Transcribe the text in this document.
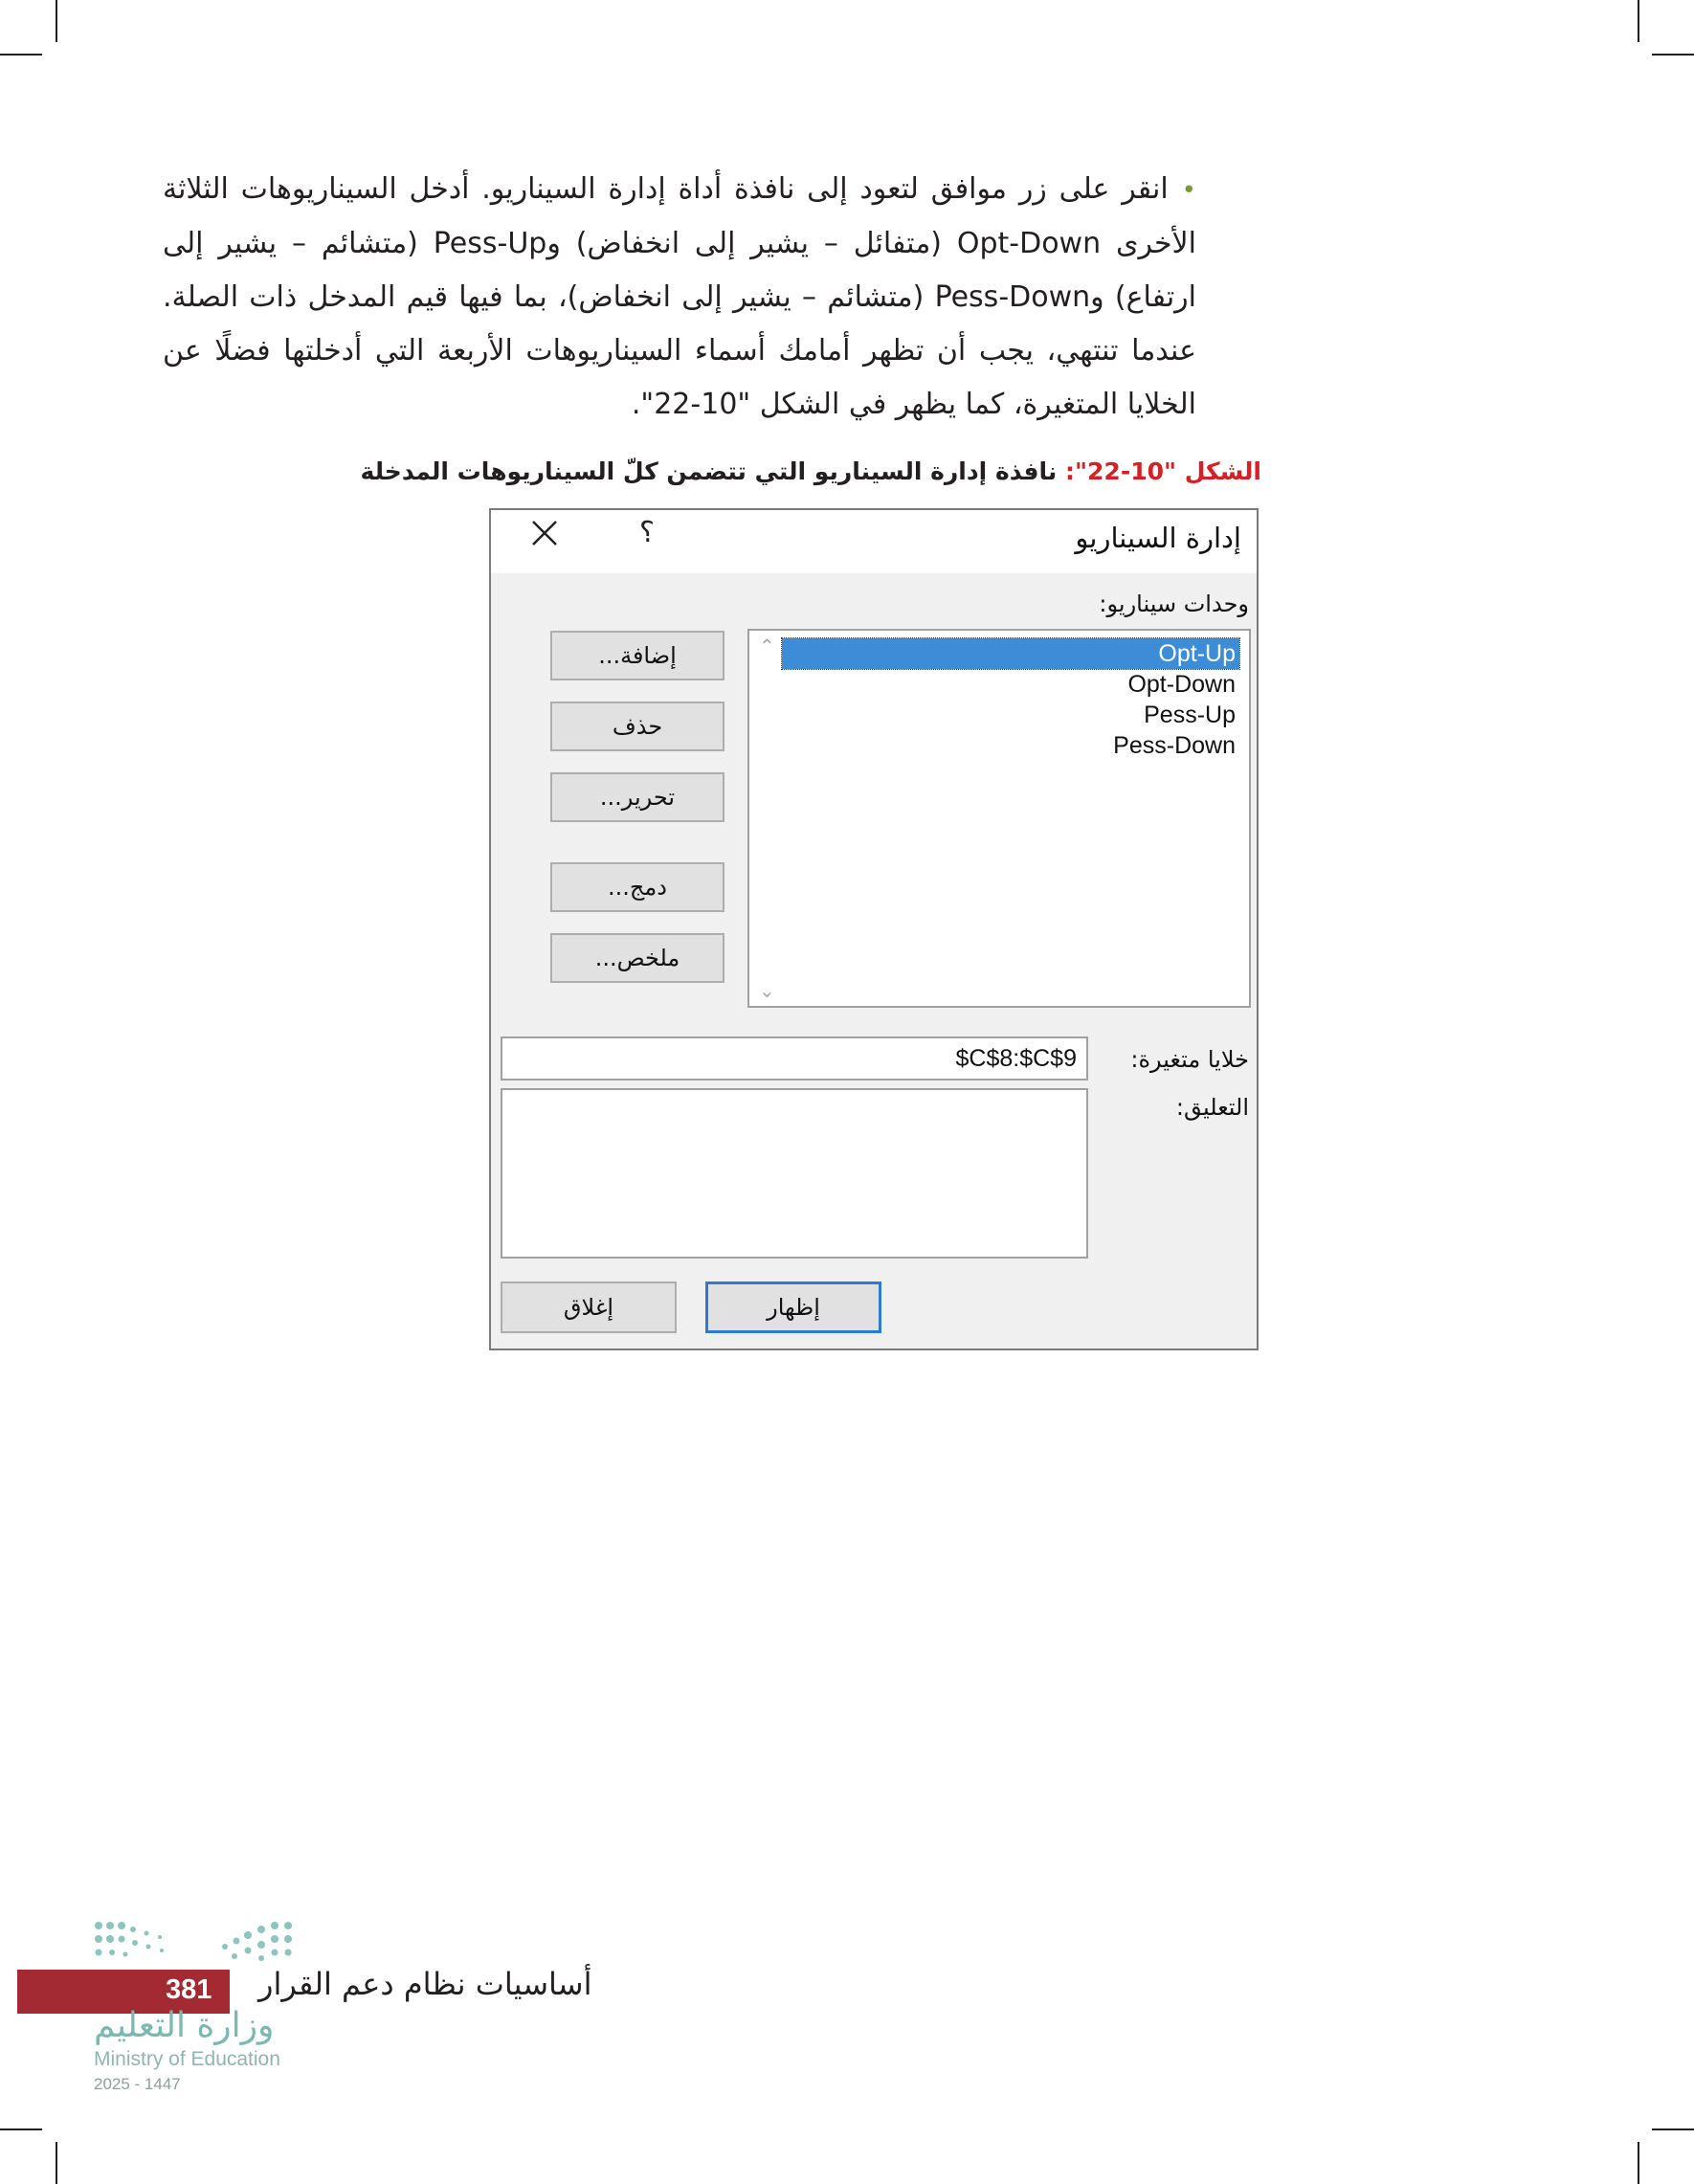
•انقر على زر موافق لتعود إلى نافذة أداة إدارة السيناريو. أدخل السيناريوهات الثلاثة الأخرى Opt-Down (متفائل – يشير إلى انخفاض) وPess-Up (متشائم – يشير إلى ارتفاع) وPess-Down (متشائم – يشير إلى انخفاض)، بما فيها قيم المدخل ذات الصلة. عندما تنتهي، يجب أن تظهر أمامك أسماء السيناريوهات الأربعة التي أدخلتها فضلًا عن الخلايا المتغيرة، كما يظهر في الشكل "10-22".
الشكل "10-22": نافذة إدارة السيناريو التي تتضمن كلّ السيناريوهات المدخلة
؟	إدارة السيناريو
وحدات سيناريو:
⌃
⌄
Opt-Up
Opt-Down
Pess-Up
Pess-Down
إضافة...
حذف
تحرير...
دمج...
ملخص...
خلايا متغيرة:
$C$8:$C$9
التعليق:
إظهار
إغلاق
381 أساسيات نظام دعم القرار
وزارة التعليم
Ministry of Education
2025 - 1447
